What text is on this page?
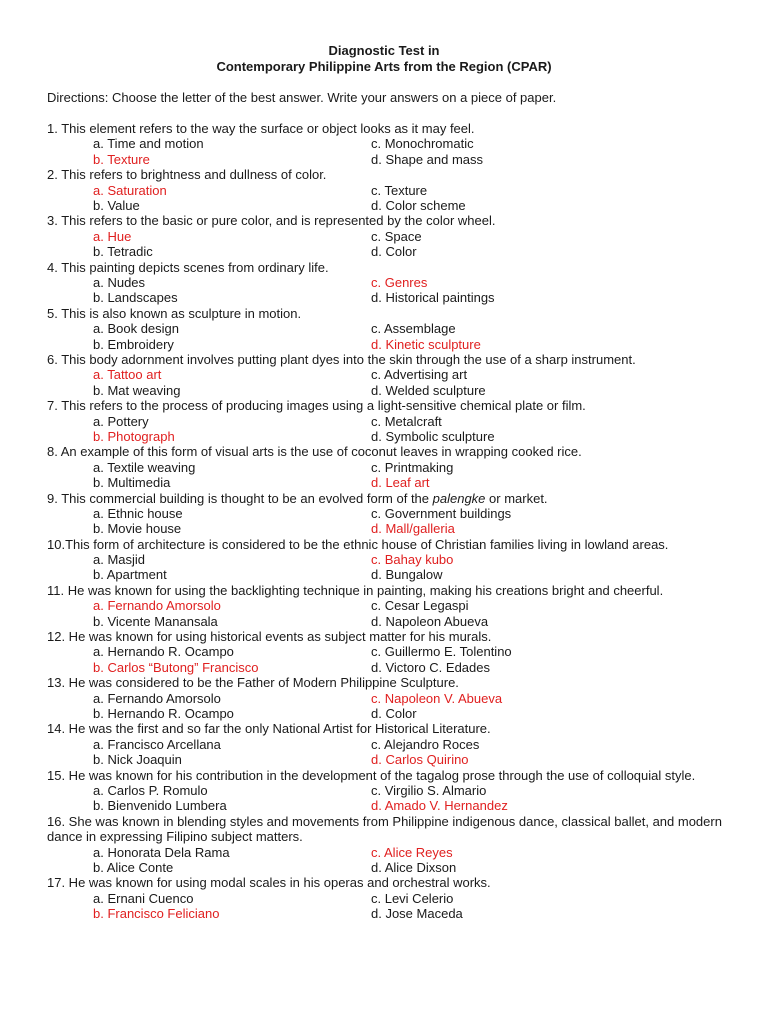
Diagnostic Test in
Contemporary Philippine Arts from the Region (CPAR)
Directions: Choose the letter of the best answer. Write your answers on a piece of paper.
1. This element refers to the way the surface or object looks as it may feel.
a. Time and motion	c. Monochromatic
b. Texture	d. Shape and mass
2. This refers to brightness and dullness of color.
a. Saturation	c. Texture
b. Value	d. Color scheme
3. This refers to the basic or pure color, and is represented by the color wheel.
a. Hue	c. Space
b. Tetradic	d. Color
4. This painting depicts scenes from ordinary life.
a. Nudes	c. Genres
b. Landscapes	d. Historical paintings
5. This is also known as sculpture in motion.
a. Book design	c. Assemblage
b. Embroidery	d. Kinetic sculpture
6. This body adornment involves putting plant dyes into the skin through the use of a sharp instrument.
a. Tattoo art	c. Advertising art
b. Mat weaving	d. Welded sculpture
7. This refers to the process of producing images using a light-sensitive chemical plate or film.
a. Pottery	c. Metalcraft
b. Photograph	d. Symbolic sculpture
8. An example of this form of visual arts is the use of coconut leaves in wrapping cooked rice.
a. Textile weaving	c. Printmaking
b. Multimedia	d. Leaf art
9. This commercial building is thought to be an evolved form of the palengke or market.
a. Ethnic house	c. Government buildings
b. Movie house	d. Mall/galleria
10.This form of architecture is considered to be the ethnic house of Christian families living in lowland areas.
a. Masjid	c. Bahay kubo
b. Apartment	d. Bungalow
11. He was known for using the backlighting technique in painting, making his creations bright and cheerful.
a. Fernando Amorsolo	c. Cesar Legaspi
b. Vicente Manansala	d. Napoleon Abueva
12. He was known for using historical events as subject matter for his murals.
a. Hernando R. Ocampo	c. Guillermo E. Tolentino
b. Carlos “Butong” Francisco	d. Victoro C. Edades
13. He was considered to be the Father of Modern Philippine Sculpture.
a. Fernando Amorsolo	c. Napoleon V. Abueva
b. Hernando R. Ocampo	d. Color
14. He was the first and so far the only National Artist for Historical Literature.
a. Francisco Arcellana	c. Alejandro Roces
b. Nick Joaquin	d. Carlos Quirino
15. He was known for his contribution in the development of the tagalog prose through the use of colloquial style.
a. Carlos P. Romulo	c. Virgilio S. Almario
b. Bienvenido Lumbera	d. Amado V. Hernandez
16. She was known in blending styles and movements from Philippine indigenous dance, classical ballet, and modern dance in expressing Filipino subject matters.
a. Honorata Dela Rama	c. Alice Reyes
b. Alice Conte	d. Alice Dixson
17. He was known for using modal scales in his operas and orchestral works.
a. Ernani Cuenco	c. Levi Celerio
b. Francisco Feliciano	d. Jose Maceda
